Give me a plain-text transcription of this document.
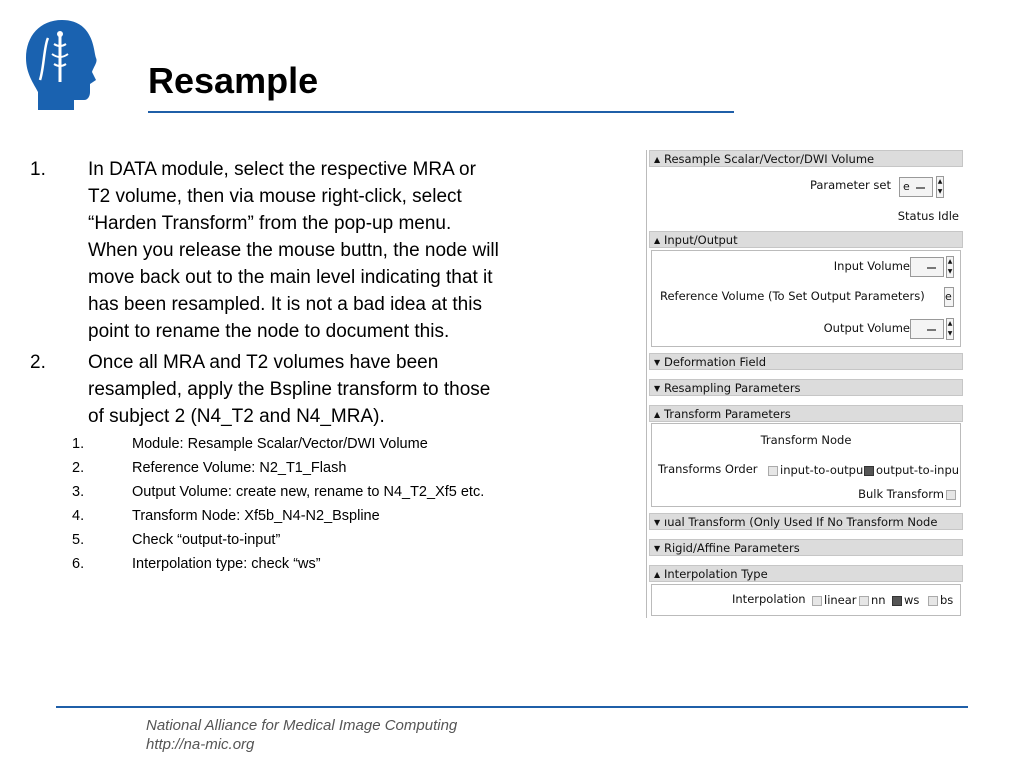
Resample
1. In DATA module, select the respective MRA or T2 volume, then via mouse right-click, select “Harden Transform” from the pop-up menu. When you release the mouse buttn, the node will move back out to the main level indicating that it has been resampled. It is not a bad idea at this point to rename the node to document this.
2. Once all MRA and T2 volumes have been resampled, apply the Bspline transform to those of subject 2 (N4_T2 and N4_MRA).
1.	Module: Resample Scalar/Vector/DWI Volume
2.	Reference Volume: N2_T1_Flash
3.	Output Volume: create new, rename to N4_T2_Xf5 etc.
4.	Transform Node: Xf5b_N4-N2_Bspline
5.	Check “output-to-input”
6.	Interpolation type: check “ws”
▲ Resample Scalar/Vector/DWI Volume
Parameter set e	▲
▼
Status Idle
▲ Input/Output
Input Volume	▲
▼
Reference Volume (To Set Output Parameters) e
Output Volume	▲
▼
▼ Deformation Field
▼ Resampling Parameters
▲ Transform Parameters
Transform Node
Transforms Order	input-to-outpu	output-to-inpu
Bulk Transform
▼ ıual Transform (Only Used If No Transform Node
▼ Rigid/Affine Parameters
▲ Interpolation Type
Interpolation	linear	nn	ws	bs
National Alliance for Medical Image Computing
http://na-mic.org
